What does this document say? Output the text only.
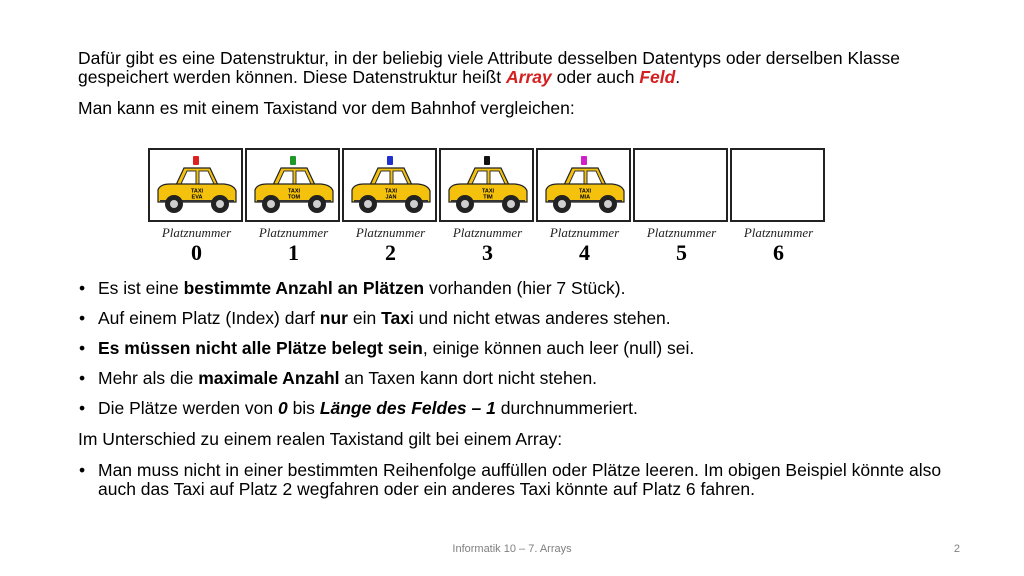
Dafür gibt es eine Datenstruktur, in der beliebig viele Attribute desselben Datentyps oder derselben Klasse gespeichert werden können. Diese Datenstruktur heißt Array oder auch Feld.
Man kann es mit einem Taxistand vor dem Bahnhof vergleichen:
TAXI
EVA
TAXI
TOM
TAXI
JAN
TAXI
TIM
TAXI
MIA
Platznummer
0
Platznummer
1
Platznummer
2
Platznummer
3
Platznummer
4
Platznummer
5
Platznummer
6
• Es ist eine bestimmte Anzahl an Plätzen vorhanden (hier 7 Stück).
• Auf einem Platz (Index) darf nur ein Taxi und nicht etwas anderes stehen.
• Es müssen nicht alle Plätze belegt sein, einige können auch leer (null) sei.
• Mehr als die maximale Anzahl an Taxen kann dort nicht stehen.
• Die Plätze werden von 0 bis Länge des Feldes – 1 durchnummeriert.
Im Unterschied zu einem realen Taxistand gilt bei einem Array:
• Man muss nicht in einer bestimmten Reihenfolge auffüllen oder Plätze leeren. Im obigen Beispiel könnte also auch das Taxi auf Platz 2 wegfahren oder ein anderes Taxi könnte auf Platz 6 fahren.
Informatik 10 – 7. Arrays	2
